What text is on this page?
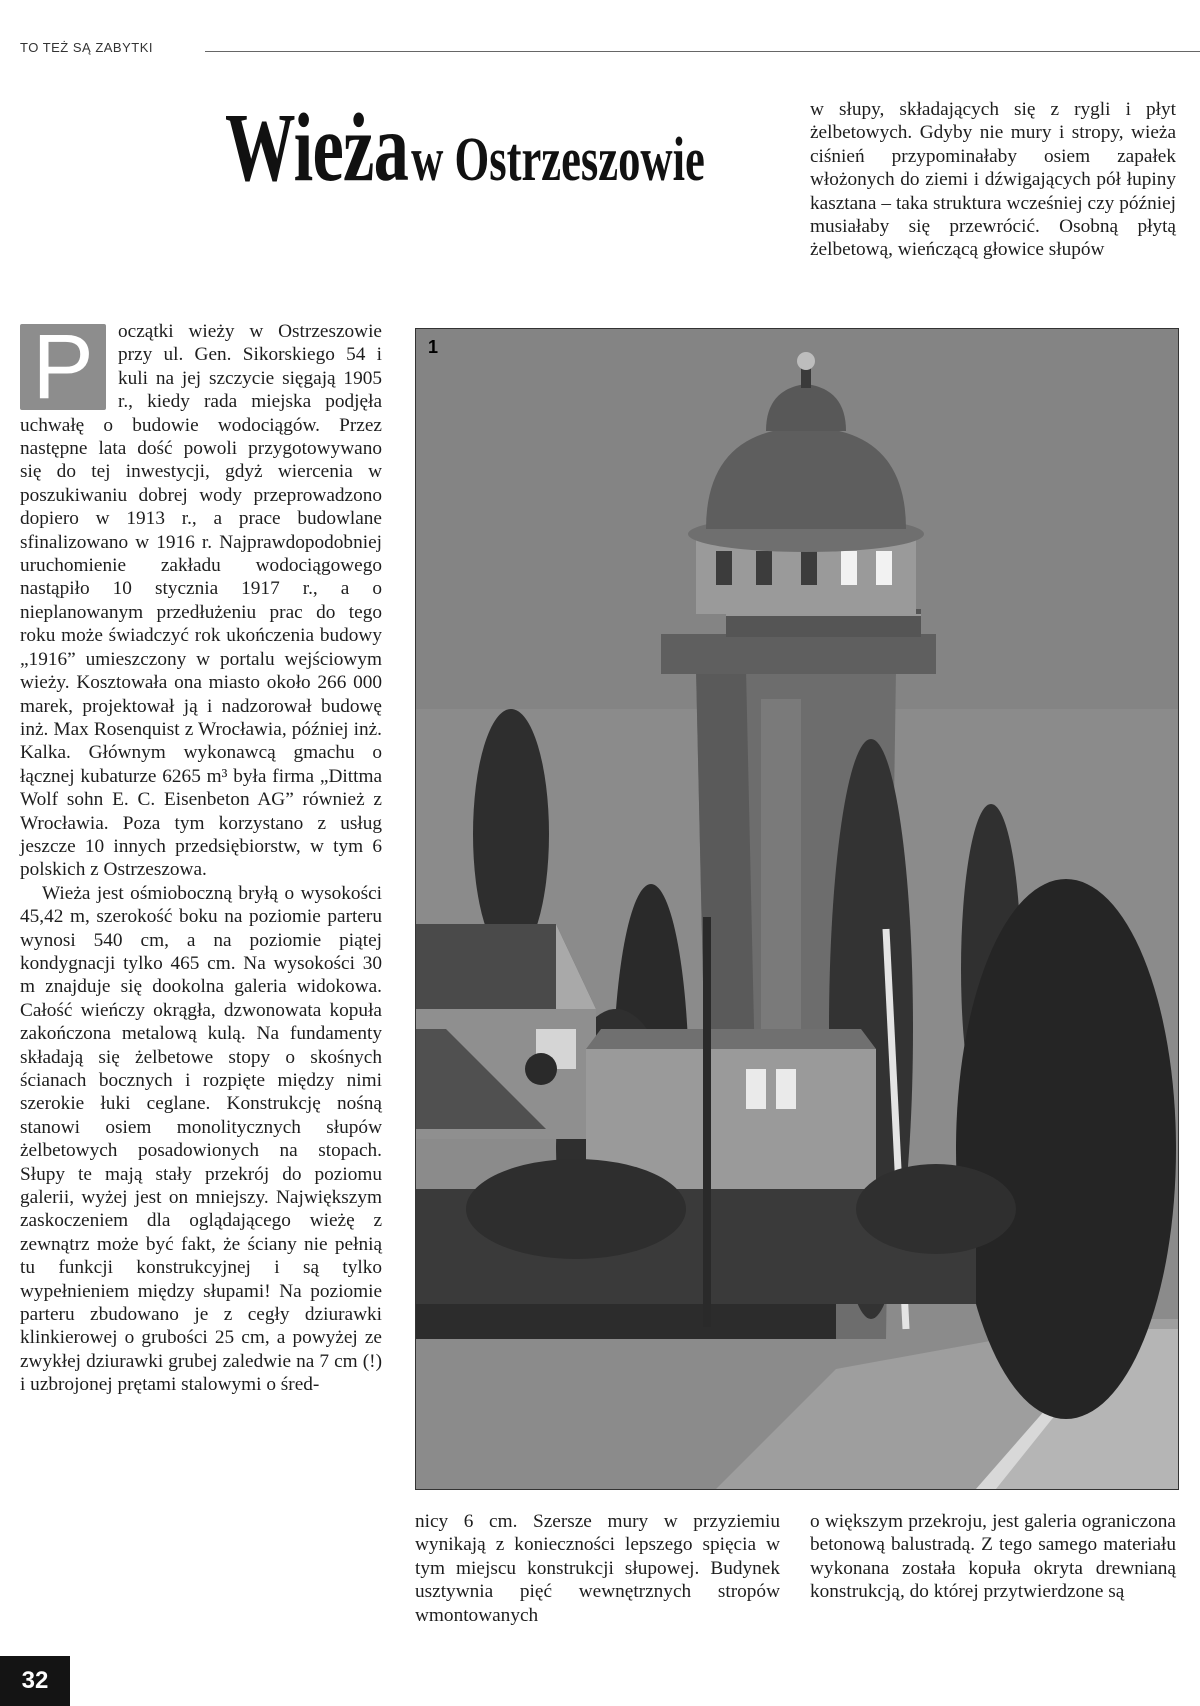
TO TEŻ SĄ ZABYTKI
Wieża w Ostrzeszowie

w słupy, składających się z rygli i płyt żelbetowych. Gdyby nie mury i stropy, wieża ciśnień przypominałaby osiem zapałek włożonych do ziemi i dźwigających pół łupiny kasztana – taka struktura wcześniej czy później musiałaby się przewrócić. Osobną płytą żelbetową, wieńczącą głowice słupów

P	oczątki wieży w Ostrzeszowie przy ul. Gen. Sikorskiego 54 i kuli na jej szczycie sięgają 1905 r., kiedy rada miejska podjęła uchwałę o budowie wodociągów. Przez następne lata dość powoli przygotowywano się do tej inwestycji, gdyż wiercenia w poszukiwaniu dobrej wody przeprowadzono dopiero w 1913 r., a prace budowlane sfinalizowano w 1916 r. Najprawdopodobniej uruchomienie zakładu wodociągowego nastąpiło 10 stycznia 1917 r., a o nieplanowanym przedłużeniu prac do tego roku może świadczyć rok ukończenia budowy „1916” umieszczony w portalu wejściowym wieży. Kosztowała ona miasto około 266 000 marek, projektował ją i nadzorował budowę inż. Max Rosenquist z Wrocławia, później inż. Kalka. Głównym wykonawcą gmachu o łącznej kubaturze 6265 m³ była firma „Dittma Wolf sohn E. C. Eisenbeton AG” również z Wrocławia. Poza tym korzystano z usług jeszcze 10 innych przedsiębiorstw, w tym 6 polskich z Ostrzeszowa.

Wieża jest ośmioboczną bryłą o wysokości 45,42 m, szerokość boku na poziomie parteru wynosi 540 cm, a na poziomie piątej kondygnacji tylko 465 cm. Na wysokości 30 m znajduje się dookolna galeria widokowa. Całość wieńczy okrągła, dzwonowata kopuła zakończona metalową kulą. Na fundamenty składają się żelbetowe stopy o skośnych ścianach bocznych i rozpięte między nimi szerokie łuki ceglane. Konstrukcję nośną stanowi osiem monolitycznych słupów żelbetowych posadowionych na stopach. Słupy te mają stały przekrój do poziomu galerii, wyżej jest on mniejszy. Największym zaskoczeniem dla oglądającego wieżę z zewnątrz może być fakt, że ściany nie pełnią tu funkcji konstrukcyjnej i są tylko wypełnieniem między słupami! Na poziomie parteru zbudowano je z cegły dziurawki klinkierowej o grubości 25 cm, a powyżej ze zwykłej dziurawki grubej zaledwie na 7 cm (!) i uzbrojonej prętami stalowymi o śred-

1

nicy 6 cm. Szersze mury w przyziemiu wynikają z konieczności lepszego spięcia w tym miejscu konstrukcji słupowej. Budynek usztywnia pięć wewnętrznych stropów wmontowanych

o większym przekroju, jest galeria ograniczona betonową balustradą. Z tego samego materiału wykonana została kopuła okryta drewnianą konstrukcją, do której przytwierdzone są

32
